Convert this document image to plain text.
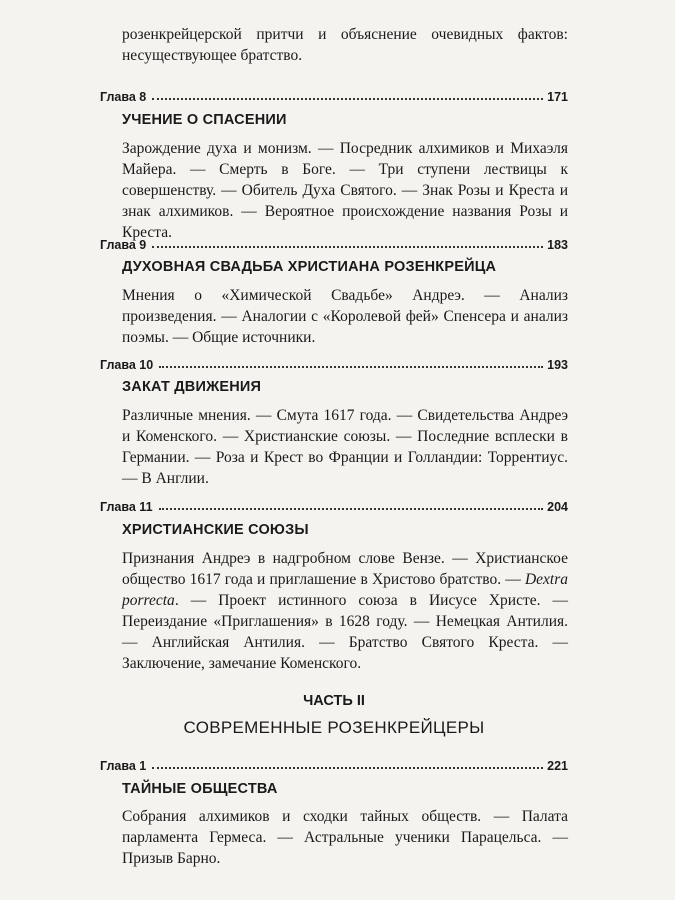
розенкрейцерской притчи и объяснение очевидных фактов: несуществующее братство.
Глава 8	171
УЧЕНИЕ О СПАСЕНИИ
Зарождение духа и монизм. — Посредник алхимиков и Михаэля Майера. — Смерть в Боге. — Три ступени лествицы к совершенству. — Обитель Духа Святого. — Знак Розы и Креста и знак алхимиков. — Вероятное происхождение названия Розы и Креста.
Глава 9	183
ДУХОВНАЯ СВАДЬБА ХРИСТИАНА РОЗЕНКРЕЙЦА
Мнения о «Химической Свадьбе» Андреэ. — Анализ произведения. — Аналогии с «Королевой фей» Спенсера и анализ поэмы. — Общие источники.
Глава 10	193
ЗАКАТ ДВИЖЕНИЯ
Различные мнения. — Смута 1617 года. — Свидетельства Андреэ и Коменского. — Христианские союзы. — Последние всплески в Германии. — Роза и Крест во Франции и Голландии: Торрентиус. — В Англии.
Глава 11	204
ХРИСТИАНСКИЕ СОЮЗЫ
Признания Андреэ в надгробном слове Вензе. — Христианское общество 1617 года и приглашение в Христово братство. — Dextra porrecta. — Проект истинного союза в Иисусе Христе. — Переиздание «Приглашения» в 1628 году. — Немецкая Антилия. — Английская Антилия. — Братство Святого Креста. — Заключение, замечание Коменского.
ЧАСТЬ II
СОВРЕМЕННЫЕ РОЗЕНКРЕЙЦЕРЫ
Глава 1	221
ТАЙНЫЕ ОБЩЕСТВА
Собрания алхимиков и сходки тайных обществ. — Палата парламента Гермеса. — Астральные ученики Парацельса. — Призыв Барно.
